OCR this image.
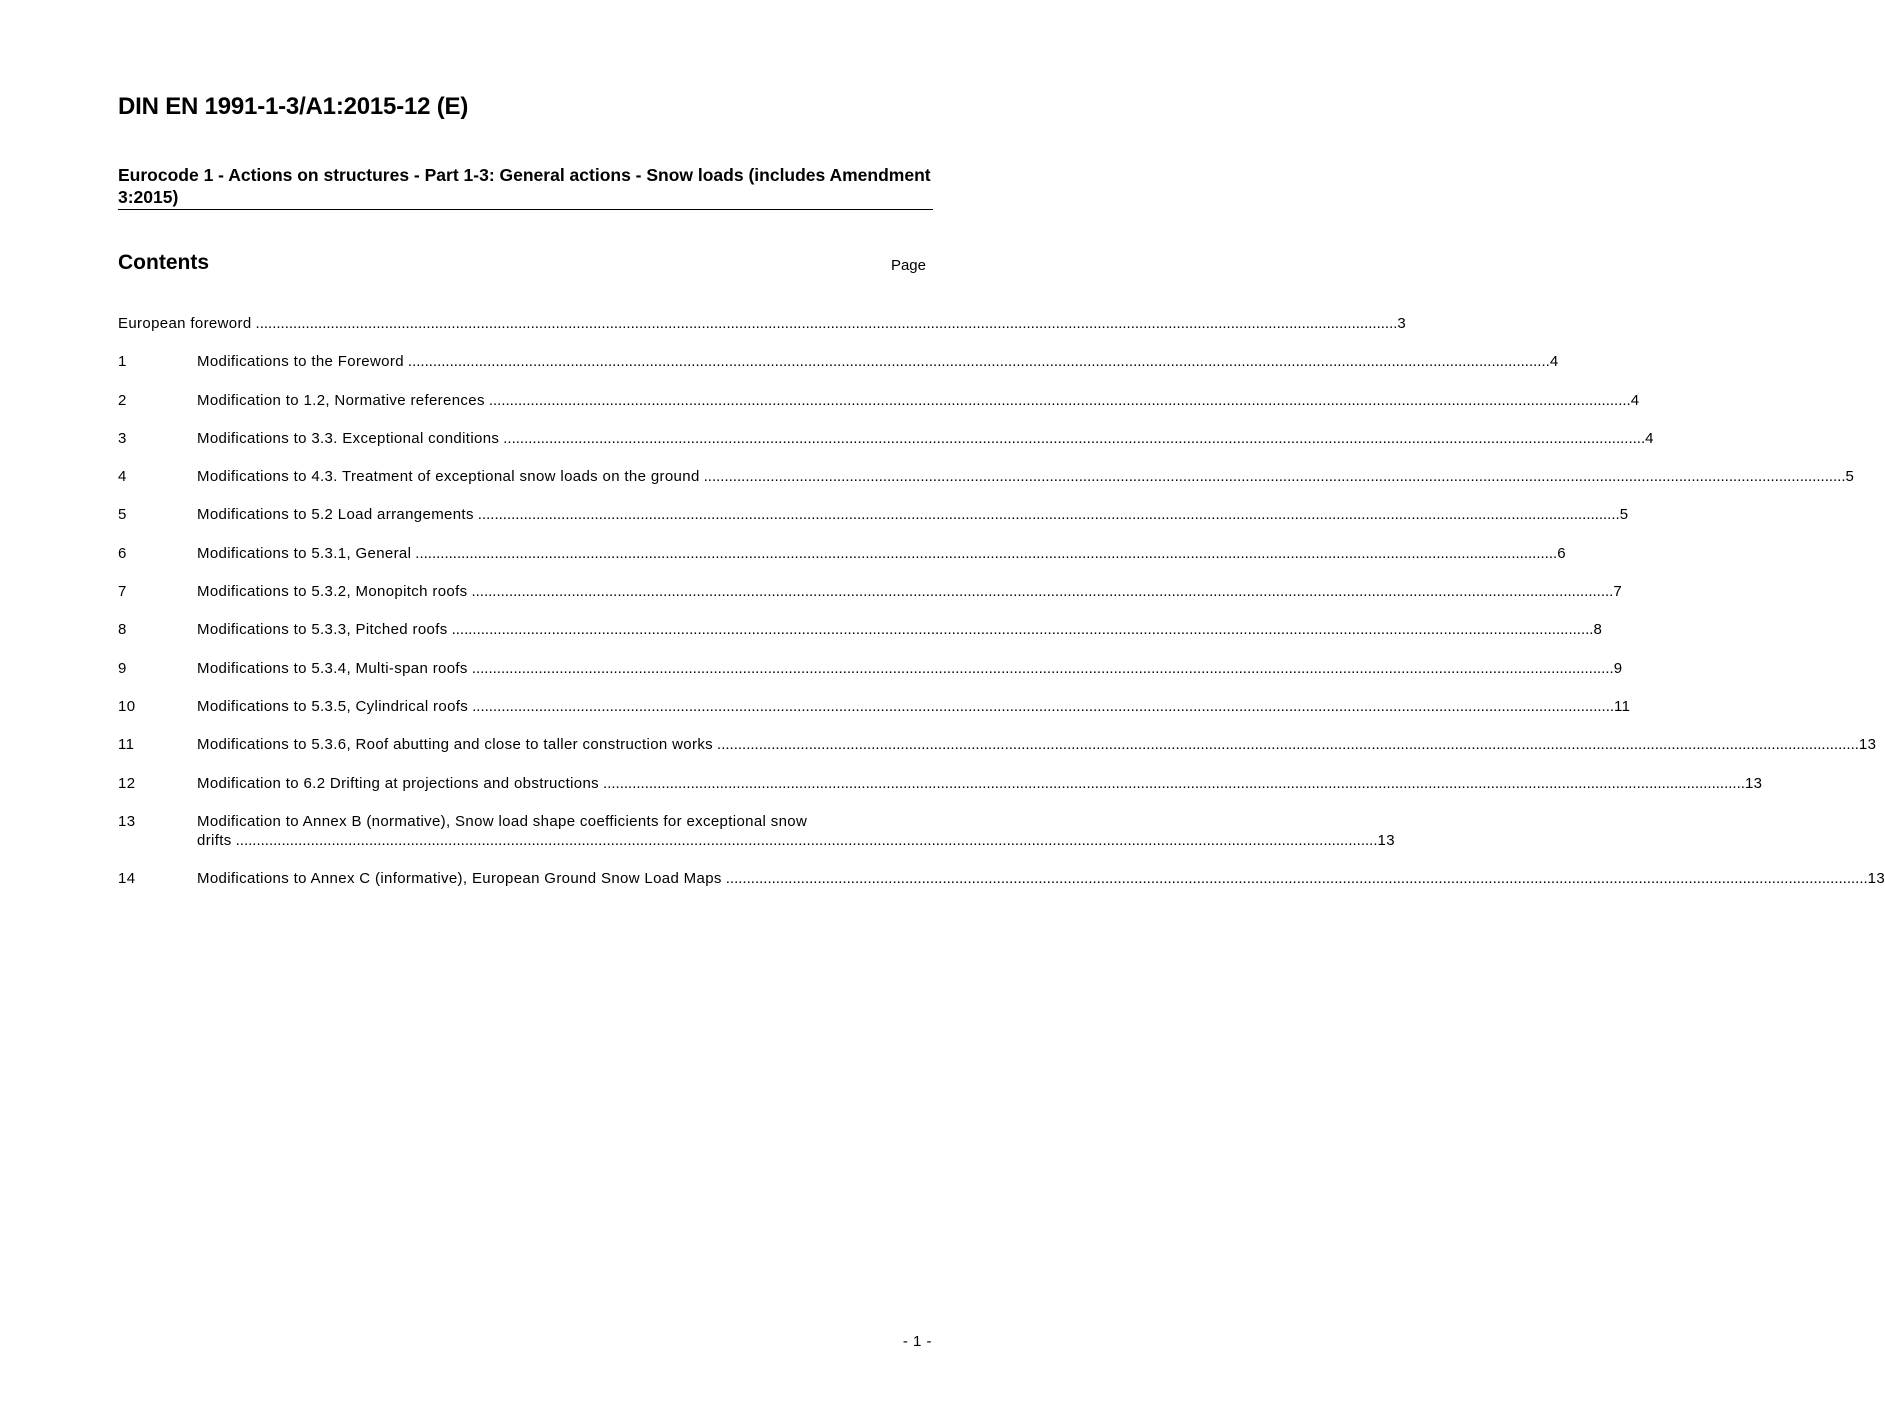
DIN EN 1991-1-3/A1:2015-12 (E)
Eurocode 1 - Actions on structures - Part 1-3: General actions - Snow loads (includes Amendment 3:2015)
Contents	Page
European foreword .....	3
1	Modifications to the Foreword .....	4
2	Modification to 1.2, Normative references .....	4
3	Modifications to 3.3. Exceptional conditions .....	4
4	Modifications to 4.3. Treatment of exceptional snow loads on the ground .....	5
5	Modifications to 5.2 Load arrangements .....	5
6	Modifications to 5.3.1, General .....	6
7	Modifications to 5.3.2, Monopitch roofs .....	7
8	Modifications to 5.3.3, Pitched roofs .....	8
9	Modifications to 5.3.4, Multi-span roofs .....	9
10	Modifications to 5.3.5, Cylindrical roofs .....	11
11	Modifications to 5.3.6, Roof abutting and close to taller construction works .....	13
12	Modification to 6.2 Drifting at projections and obstructions .....	13
13	Modification to Annex B (normative), Snow load shape coefficients for exceptional snow
drifts .....	13
14	Modifications to Annex C (informative), European Ground Snow Load Maps .....	13
- 1 -
